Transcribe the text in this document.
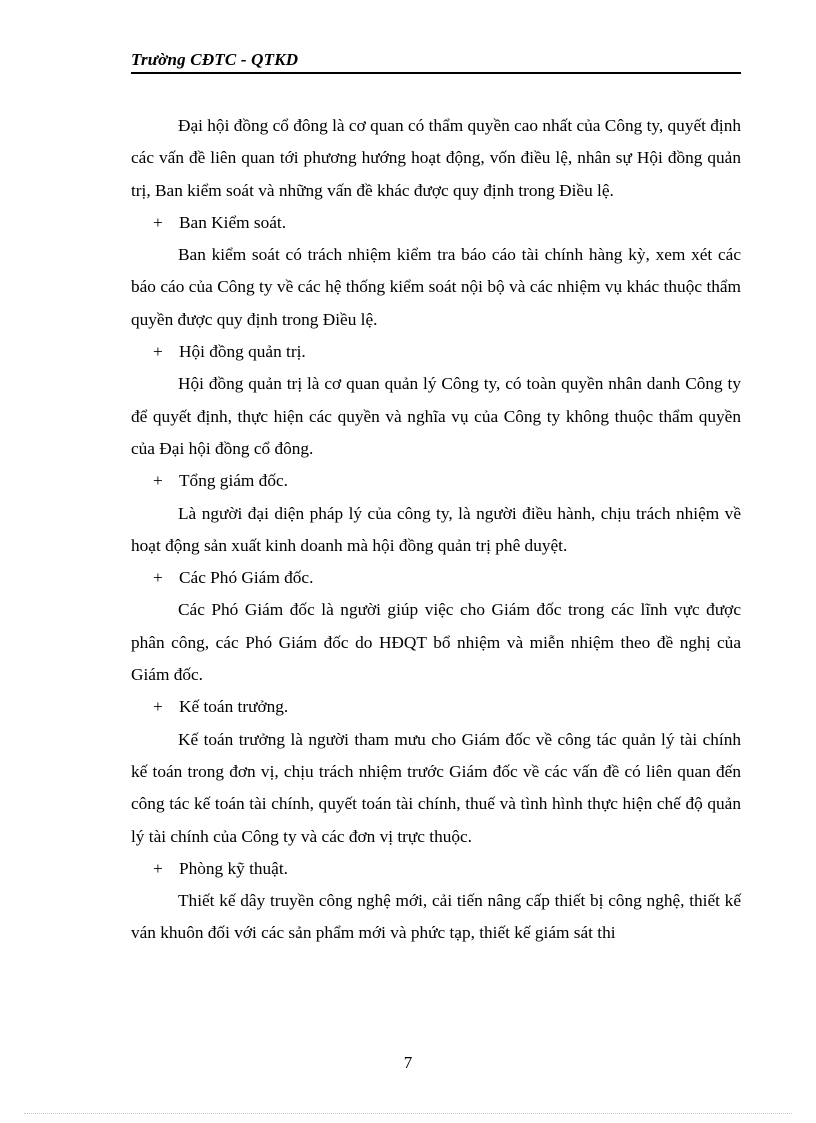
Trường CĐTC - QTKD

Đại hội đồng cổ đông là cơ quan có thẩm quyền cao nhất của Công ty, quyết định các vấn đề liên quan tới phương hướng hoạt động, vốn điều lệ, nhân sự Hội đồng quản trị, Ban kiểm soát và những vấn đề khác được quy định trong Điều lệ.

+ Ban Kiểm soát.

Ban kiểm soát có trách nhiệm kiểm tra báo cáo tài chính hàng kỳ, xem xét các báo cáo của Công ty về các hệ thống kiểm soát nội bộ và các nhiệm vụ khác thuộc thẩm quyền được quy định trong Điều lệ.

+ Hội đồng quản trị.

Hội đồng quản trị là cơ quan quản lý Công ty, có toàn quyền nhân danh Công ty để quyết định, thực hiện các quyền và nghĩa vụ của Công ty không thuộc thẩm quyền của Đại hội đồng cổ đông.

+ Tổng giám đốc.

Là người đại diện pháp lý của công ty, là người điều hành, chịu trách nhiệm về hoạt động sản xuất kinh doanh mà hội đồng quản trị phê duyệt.

+ Các Phó Giám đốc.

Các Phó Giám đốc là người giúp việc cho Giám đốc trong các lĩnh vực được phân công, các Phó Giám đốc do HĐQT bổ nhiệm và miễn nhiệm theo đề nghị của Giám đốc.

+ Kế toán trưởng.

Kế toán trưởng là người tham mưu cho Giám đốc về công tác quản lý tài chính kế toán trong đơn vị, chịu trách nhiệm trước Giám đốc về các vấn đề có liên quan đến công tác kế toán tài chính, quyết toán tài chính, thuế và tình hình thực hiện chế độ quản lý tài chính của Công ty và các đơn vị trực thuộc.

+ Phòng kỹ thuật.

Thiết kế dây truyền công nghệ mới, cải tiến nâng cấp thiết bị công nghệ, thiết kế ván khuôn đối với các sản phẩm mới và phức tạp, thiết kế giám sát thi

7
